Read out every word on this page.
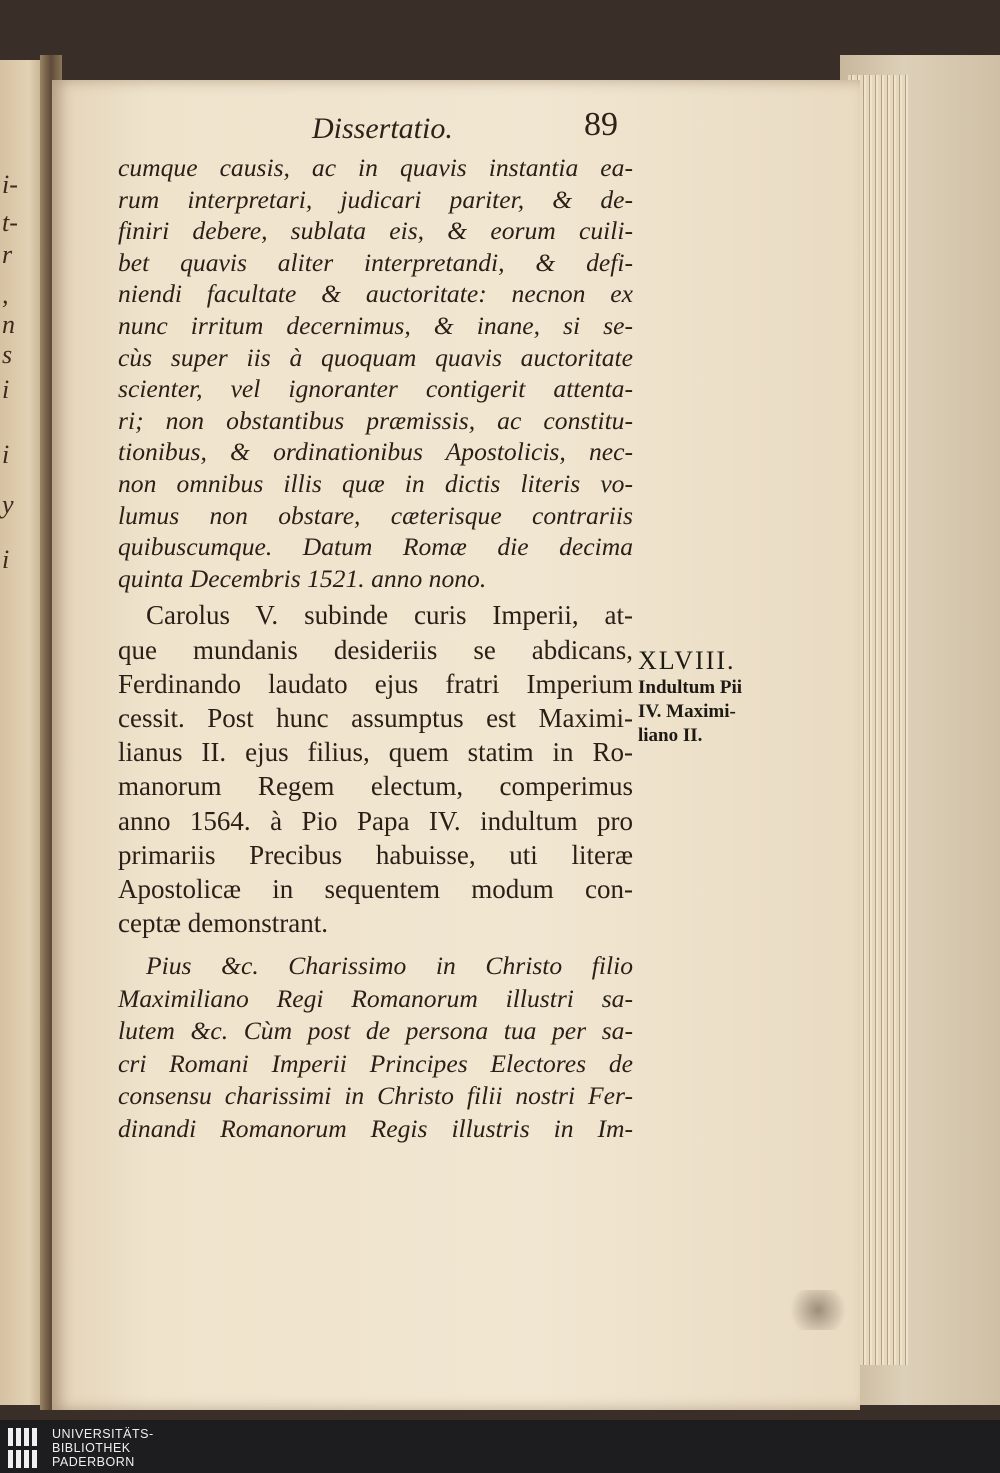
i-
t-
r
,
n
s
i
i
y
i
Dissertatio.	89
cumque causis, ac in quavis instantia ea-
rum interpretari, judicari pariter, & de-
finiri debere, sublata eis, & eorum cuili-
bet quavis aliter interpretandi, & defi-
niendi facultate & auctoritate: necnon ex
nunc irritum decernimus, & inane, si se-
cùs super iis à quoquam quavis auctoritate
scienter, vel ignoranter contigerit attenta-
ri; non obstantibus præmissis, ac constitu-
tionibus, & ordinationibus Apostolicis, nec-
non omnibus illis quæ in dictis literis vo-
lumus non obstare, cæterisque contrariis
quibuscumque. Datum Romæ die decima
quinta Decembris 1521. anno nono.
Carolus V. subinde curis Imperii, at-
que mundanis desideriis se abdicans,
Ferdinando laudato ejus fratri Imperium
cessit. Post hunc assumptus est Maximi-
lianus II. ejus filius, quem statim in Ro-
manorum Regem electum, comperimus
anno 1564. à Pio Papa IV. indultum pro
primariis Precibus habuisse, uti literæ
Apostolicæ in sequentem modum con-
ceptæ demonstrant.
Pius &c. Charissimo in Christo filio
Maximiliano Regi Romanorum illustri sa-
lutem &c. Cùm post de persona tua per sa-
cri Romani Imperii Principes Electores de
consensu charissimi in Christo filii nostri Fer-
dinandi Romanorum Regis illustris in Im-
XLVIII.
Indultum Pii
IV. Maximi-
liano II.
UNIVERSITÄTS-
BIBLIOTHEK
PADERBORN
